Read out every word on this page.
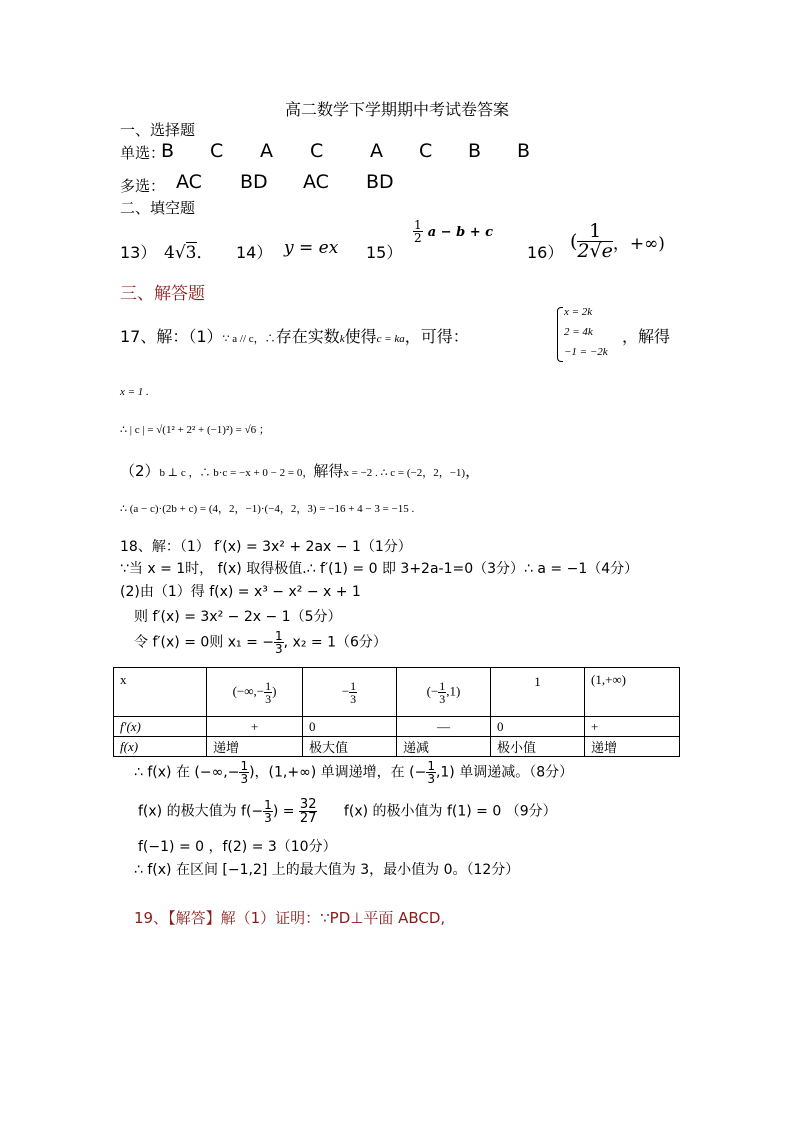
高二数学下学期期中考试卷答案
一、选择题
单选：
B C A C A C B B
多选： AC BD AC BD
二、填空题
13） 4√3． 14） y = ex 15）
$\frac{1}{2}$ a − b + c
16） ( $\frac{1}{2√e}$ ，+∞)
三、解答题
17、解：（1）∵ a // c，∴存在实数k使得c = ka，可得：
x = 2k
2 = 4k
−1 = −2k
，解得
x = 1 .
∴ | c | = √(1² + 2² + (−1)²) = √6 ；
（2）b ⊥ c ，∴ b·c = −x + 0 − 2 = 0，解得x = −2 . ∴ c = (−2，2，−1)，
∴ (a − c)·(2b + c) = (4，2，−1)·(−4，2，3) = −16 + 4 − 3 = −15 .
18、解：（1） f′(x) = 3x² + 2ax − 1（1分）
∵当 x = 1时， f(x) 取得极值.∴ f′(1) = 0 即 3+2a-1=0（3分）∴ a = −1（4分）
(2)由（1）得 f(x) = x³ − x² − x + 1
则 f′(x) = 3x² − 2x − 1（5分）
令 f′(x) = 0则 x₁ = − $\frac{1}{3}$ , x₂ = 1（6分）
x	(−∞,− $\frac{1}{3}$ )	− $\frac{1}{3}$	(− $\frac{1}{3} ,1$)	1	(1,+∞)
f′(x)	+	0	—	0	+
f(x)	递增	极大值	递减	极小值	递增
∴ f(x) 在 (−∞,− $\frac{1}{3}$ )，(1,+∞) 单调递增，在 (− $\frac{1}{3} ,1$) 单调递减。（8分）
f(x) 的极大值为 $f(- \frac{1}{3}$ ) = $\frac{32}{27} f(x)$ 的极小值为 f(1) = 0 （9分）
f(−1) = 0 ，f(2) = 3（10分）
∴ f(x) 在区间 [−1,2] 上的最大值为 3，最小值为 0。（12分）
19、【解答】解（1）证明：∵PD⊥平面 ABCD,
